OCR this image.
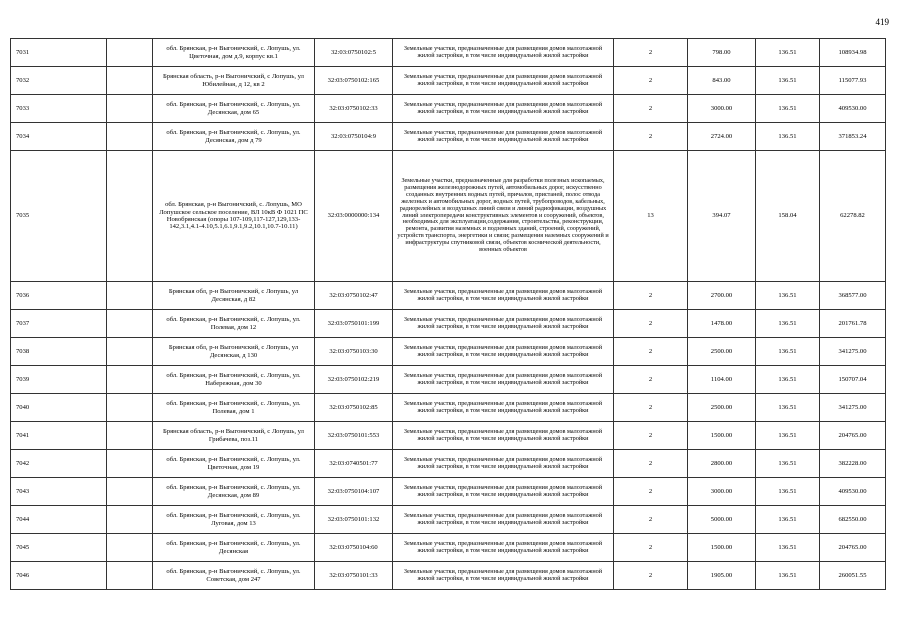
419
7031		обл. Брянская, р-н Выгоничский, с. Лопушь, ул. Цветочная, дом д.9, корпус кв.1	32:03:0750102:5	Земельные участки, предназначенные для размещения домов малоэтажной жилой застройки, в том числе индивидуальной жилой застройки	2	798.00	136.51	108934.98
7032		Брянская область, р-н Выгоничский, с Лопушь, ул Юбилейная, д 12, кв 2	32:03:0750102:165	Земельные участки, предназначенные для размещения домов малоэтажной жилой застройки, в том числе индивидуальной жилой застройки	2	843.00	136.51	115077.93
7033		обл. Брянская, р-н Выгоничский, с. Лопушь, ул. Десянская, дом 65	32:03:0750102:33	Земельные участки, предназначенные для размещения домов малоэтажной жилой застройки, в том числе индивидуальной жилой застройки	2	3000.00	136.51	409530.00
7034		обл. Брянская, р-н Выгоничский, с. Лопушь, ул. Десянская, дом д 79	32:03:0750104:9	Земельные участки, предназначенные для размещения домов малоэтажной жилой застройки, в том числе индивидуальной жилой застройки	2	2724.00	136.51	371853.24
7035		обл. Брянская, р-н Выгоничский, с. Лопушь, МО Лопушское сельское поселение, ВЛ 10кВ Ф 1021 ПС Новобрянская (опоры 107-109,117-127,129,133-142,3.1,4.1-4.10,5.1,6.1,9.1,9.2,10.1,10.7-10.11)	32:03:0000000:134	Земельные участки, предназначенные для разработки полезных ископаемых, размещения железнодорожных путей, автомобильных дорог, искусственно созданных внутренних водных путей, причалов, пристаней, полос отвода железных и автомобильных дорог, водных путей, трубопроводов, кабельных, радиорелейных и воздушных линий связи и линий радиофикации, воздушных линий электропередачи конструктивных элементов и сооружений, объектов, необходимых для эксплуатации,содержания, строительства, реконструкции, ремонта, развития наземных и подземных зданий, строений, сооружений, устройств транспорта, энергетики и связи; размещения наземных сооружений и инфраструктуры спутниковой связи, объектов космической деятельности, военных объектов	13	394.07	158.04	62278.82
7036		Брянская обл, р-н Выгоничский, с Лопушь, ул Десянская, д 82	32:03:0750102:47	Земельные участки, предназначенные для размещения домов малоэтажной жилой застройки, в том числе индивидуальной жилой застройки	2	2700.00	136.51	368577.00
7037		обл. Брянская, р-н Выгоничский, с. Лопушь, ул. Полевая, дом 12	32:03:0750101:199	Земельные участки, предназначенные для размещения домов малоэтажной жилой застройки, в том числе индивидуальной жилой застройки	2	1478.00	136.51	201761.78
7038		Брянская обл, р-н Выгоничский, с Лопушь, ул Десянская, д 130	32:03:0750103:30	Земельные участки, предназначенные для размещения домов малоэтажной жилой застройки, в том числе индивидуальной жилой застройки	2	2500.00	136.51	341275.00
7039		обл. Брянская, р-н Выгоничский, с. Лопушь, ул. Набережная, дом 30	32:03:0750102:219	Земельные участки, предназначенные для размещения домов малоэтажной жилой застройки, в том числе индивидуальной жилой застройки	2	1104.00	136.51	150707.04
7040		обл. Брянская, р-н Выгоничский, с. Лопушь, ул. Полевая, дом 1	32:03:0750102:85	Земельные участки, предназначенные для размещения домов малоэтажной жилой застройки, в том числе индивидуальной жилой застройки	2	2500.00	136.51	341275.00
7041		Брянская область, р-н Выгоничский, с Лопушь, ул Грибачева, поз.11	32:03:0750101:553	Земельные участки, предназначенные для размещения домов малоэтажной жилой застройки, в том числе индивидуальной жилой застройки	2	1500.00	136.51	204765.00
7042		обл. Брянская, р-н Выгоничский, с. Лопушь, ул. Цветочная, дом 19	32:03:0740501:77	Земельные участки, предназначенные для размещения домов малоэтажной жилой застройки, в том числе индивидуальной жилой застройки	2	2800.00	136.51	382228.00
7043		обл. Брянская, р-н Выгоничский, с. Лопушь, ул. Десянская, дом 89	32:03:0750104:107	Земельные участки, предназначенные для размещения домов малоэтажной жилой застройки, в том числе индивидуальной жилой застройки	2	3000.00	136.51	409530.00
7044		обл. Брянская, р-н Выгоничский, с. Лопушь, ул. Луговая, дом 13	32:03:0750101:132	Земельные участки, предназначенные для размещения домов малоэтажной жилой застройки, в том числе индивидуальной жилой застройки	2	5000.00	136.51	682550.00
7045		обл. Брянская, р-н Выгоничский, с. Лопушь, ул. Десянская	32:03:0750104:60	Земельные участки, предназначенные для размещения домов малоэтажной жилой застройки, в том числе индивидуальной жилой застройки	2	1500.00	136.51	204765.00
7046		обл. Брянская, р-н Выгоничский, с. Лопушь, ул. Советская, дом 247	32:03:0750101:33	Земельные участки, предназначенные для размещения домов малоэтажной жилой застройки, в том числе индивидуальной жилой застройки	2	1905.00	136.51	260051.55
